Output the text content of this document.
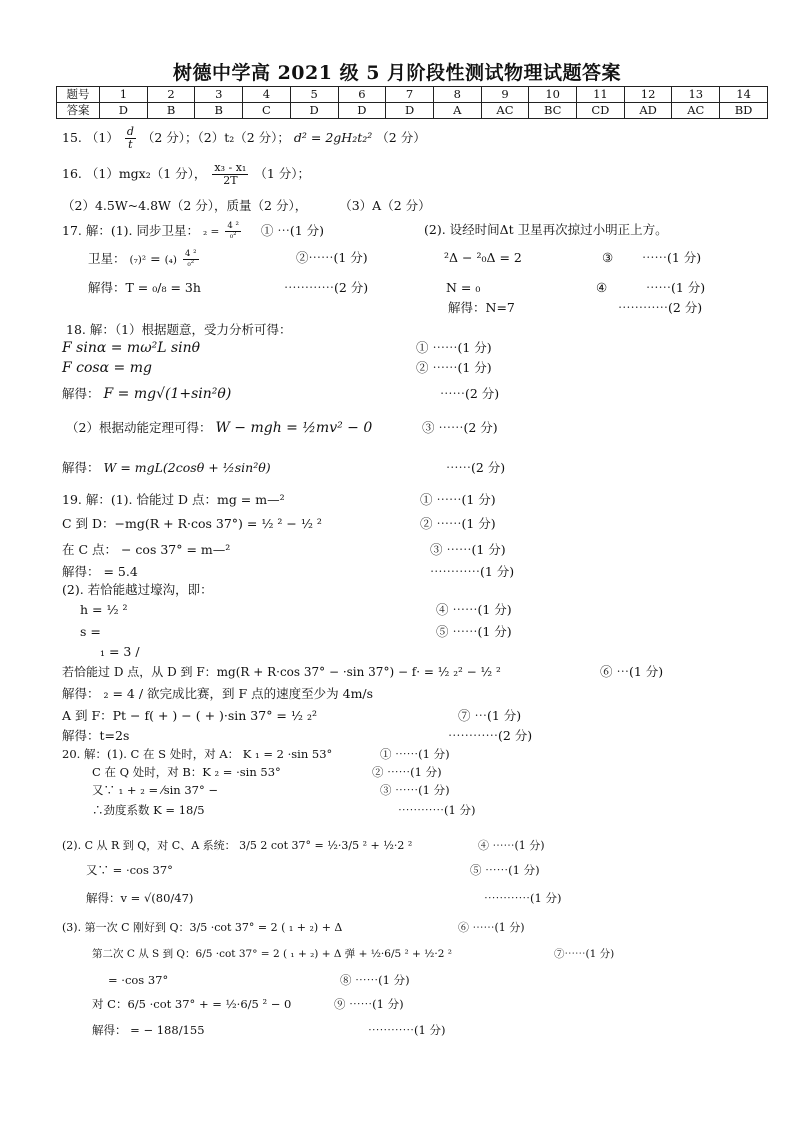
树德中学高 2021 级 5 月阶段性测试物理试题答案
题号	1	2	3	4	5	6	7	8	9	10	11	12	13	14
答案	D	B	B	C	D	D	D	A	AC	BC	CD	AD	AC	BD
15. $(1) \frac{d}{t} (2$ 分）；（2）t₂（2 分）； d² = 2gH₂t₂² （2 分）
16. （1）mgx₂（1 分）， $\frac{\text{x₃ - x₁}}{2T} (1$ 分）；
（2）4.5W~4.8W（2 分），质量（2 分），	（3）A（2 分）
17. 解：(1). 同步卫星： $_2 = \frac{\text{4 ²}}{\text{₀²}}$ ① ⋯(1 分)	(2). 设经时间Δt 卫星再次掠过小明正上方。
卫星： $(_7)^2 = (_4) \frac{\text{4 ²}}{\text{₀²}}$	②⋯⋯(1 分)	²Δ − ²₀Δ = 2	③ ⋯⋯(1 分)
解得：T = ₀/₈ = 3h	⋯⋯⋯⋯(2 分)	N = ₀	④	⋯⋯(1 分)
解得：N=7	⋯⋯⋯⋯(2 分)
18. 解：（1）根据题意，受力分析可得：
F sinα = mω²L sinθ	① ⋯⋯(1 分)
F cosα = mg	② ⋯⋯(1 分)
解得： F = mg√(1+sin²θ)	⋯⋯(2 分)
（2）根据动能定理可得： W − mgh = ½mv² − 0	③ ⋯⋯(2 分)
解得： W = mgL(2cosθ + ½sin²θ)	⋯⋯(2 分)
19. 解：(1). 恰能过 D 点：mg = m—²	① ⋯⋯(1 分)
C 到 D：−mg(R + R·cos 37°) = ½ ² − ½ ²	② ⋯⋯(1 分)
在 C 点： − cos 37° = m—²	③ ⋯⋯(1 分)
解得： = 5.4	⋯⋯⋯⋯(1 分)
(2). 若恰能越过壕沟，即：
h = ½ ²	④ ⋯⋯(1 分)
s =	⑤ ⋯⋯(1 分)
₁ = 3 /
若恰能过 D 点，从 D 到 F：mg(R + R·cos 37° − ·sin 37°) − f· = ½ ₂² − ½ ²	⑥ ⋯(1 分)
解得： ₂ = 4 / 欲完成比赛，到 F 点的速度至少为 4m/s
A 到 F：Pt − f( + ) − ( + )·sin 37° = ½ ₂²	⑦ ⋯(1 分)
解得：t=2s	⋯⋯⋯⋯(2 分)
20. 解：(1). C 在 S 处时，对 A： K ₁ = 2 ·sin 53°	① ⋯⋯(1 分)
C 在 Q 处时，对 B：K ₂ = ·sin 53°	② ⋯⋯(1 分)
又∵ ₁ + ₂ = ⁄sin 37° −	③ ⋯⋯(1 分)
∴劲度系数 K = 18/5	⋯⋯⋯⋯(1 分)
(2). C 从 R 到 Q，对 C、A 系统： 3/5 2 cot 37° = ½·3/5 ² + ½·2 ²	④ ⋯⋯(1 分)
又∵ = ·cos 37°	⑤ ⋯⋯(1 分)
解得：v = √(80/47)	⋯⋯⋯⋯(1 分)
(3). 第一次 C 刚好到 Q：3/5 ·cot 37° = 2 ( ₁ + ₂) + Δ	⑥ ⋯⋯(1 分)
第二次 C 从 S 到 Q：6/5 ·cot 37° = 2 ( ₁ + ₂) + Δ 弹 + ½·6/5 ² + ½·2 ²	⑦⋯⋯(1 分)
= ·cos 37°	⑧ ⋯⋯(1 分)
对 C：6/5 ·cot 37° + = ½·6/5 ² − 0	⑨ ⋯⋯(1 分)
解得： = − 188/155	⋯⋯⋯⋯(1 分)
